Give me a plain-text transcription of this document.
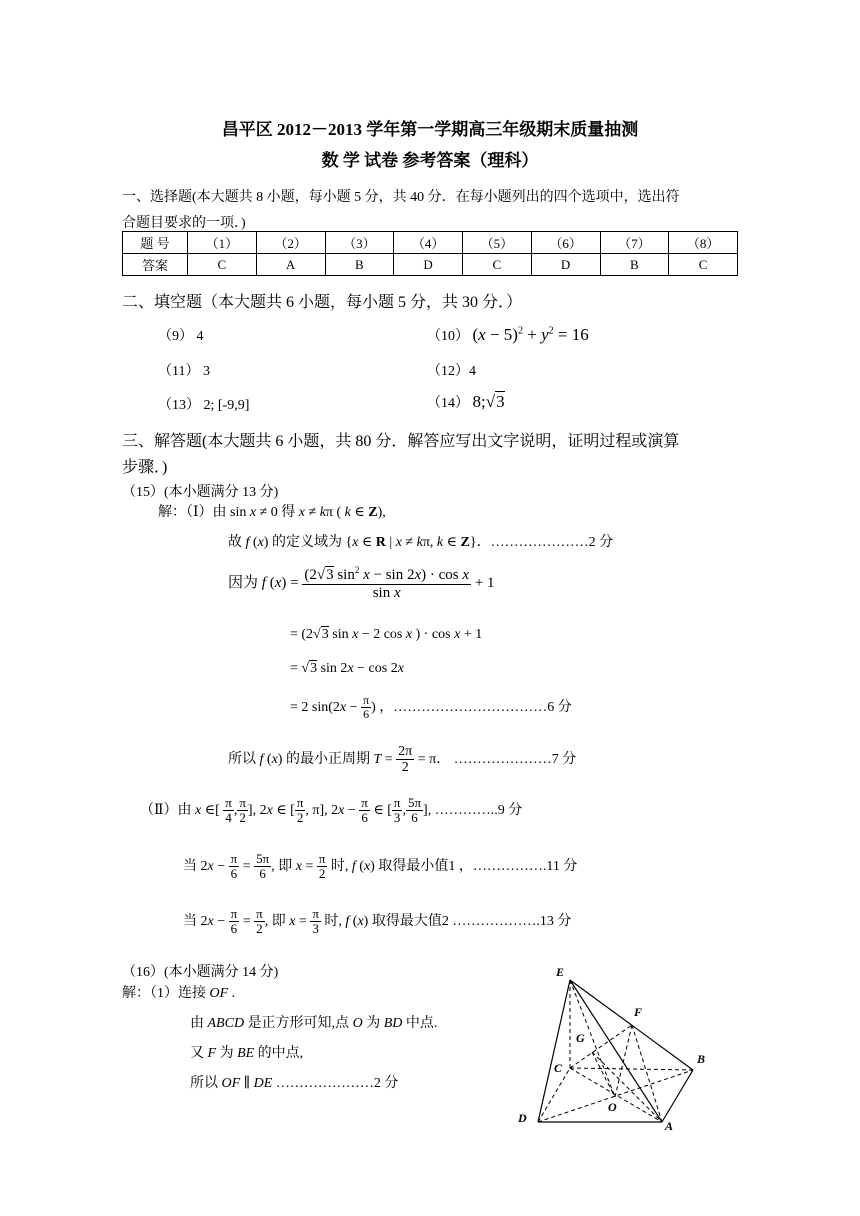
昌平区 2012－2013 学年第一学期高三年级期末质量抽测
数 学 试卷 参考答案（理科）
一、选择题(本大题共 8 小题，每小题 5 分，共 40 分．在每小题列出的四个选项中，选出符
合题目要求的一项．)
题 号	（1）	（2）	（3）	（4）	（5）	（6）	（7）	（8）
答案	C	A	B	D	C	D	B	C
二、填空题（本大题共 6 小题，每小题 5 分，共 30 分．）
（9） 4	（10） $(x - 5)^2 + y^2 = 16$
（11） 3	（12）4
（13） 2; [-9,9]	（14） 8;√3
三、解答题(本大题共 6 小题，共 80 分．解答应写出文字说明，证明过程或演算
步骤．)
（15）(本小题满分 13 分)
解：（Ⅰ）由 sin x ≠ 0 得 x ≠ kπ ( k ∈ Z),
故 f (x) 的定义域为 {x ∈ R | x ≠ kπ, k ∈ Z}．…………………2 分
因为 f $(x) = \frac{(2√3 \sin^2 x - \sin 2x) \cdot \cos x}{\text{sin x}} + 1$
= (2√3 sin x − 2 cos x ) · cos x + 1
= √3 sin 2x − cos 2x
= 2 $\sin(2x - \frac{\pi}{6}$ ) ，……………………………6 分
所以 f (x) 的最小正周期 $T = \frac{2\pi}{2} = \pi$． …………………7 分
（Ⅱ）由 x ∈[ $\frac{\pi}{4}$ , $\frac{\pi}{2}$ ], 2x ∈ [ $\frac{\pi}{2}$ , π], $2x - \frac{\pi}{6}$ ∈ [ $\frac{\pi}{3}$ , $\frac{5\pi}{6}$ ], …………..9 分
当 $2x - \frac{\pi}{6} = \frac{5\pi}{6}$ , 即 $x = \frac{\pi}{2}$ 时, f (x) 取得最小值1 ，…………….11 分
当 $2x - \frac{\pi}{6} = \frac{\pi}{2}$ , 即 $x = \frac{\pi}{3}$ 时, f (x) 取得最大值2 ……………….13 分
（16）(本小题满分 14 分)
解：（1）连接 OF .
由 ABCD 是正方形可知,点 O 为 BD 中点.
又 F 为 BE 的中点,
所以 OF ∥ DE …………………2 分
E
F
G
C
B
O
D
A
